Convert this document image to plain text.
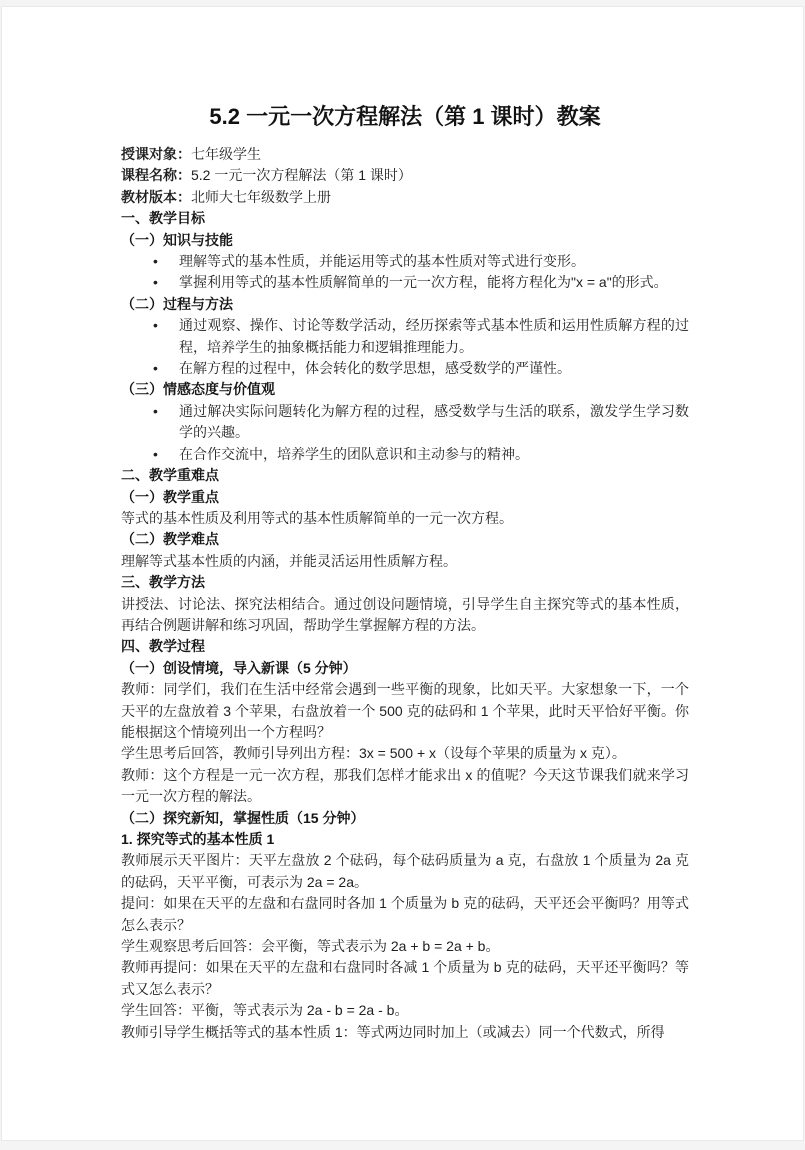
5.2 一元一次方程解法（第 1 课时）教案

授课对象：七年级学生

课程名称：5.2 一元一次方程解法（第 1 课时）

教材版本：北师大七年级数学上册

一、教学目标
（一）知识与技能
• 理解等式的基本性质，并能运用等式的基本性质对等式进行变形。
• 掌握利用等式的基本性质解简单的一元一次方程，能将方程化为"x = a"的形式。
（二）过程与方法
• 通过观察、操作、讨论等数学活动，经历探索等式基本性质和运用性质解方程的过程，培养学生的抽象概括能力和逻辑推理能力。
• 在解方程的过程中，体会转化的数学思想，感受数学的严谨性。
（三）情感态度与价值观
• 通过解决实际问题转化为解方程的过程，感受数学与生活的联系，激发学生学习数学的兴趣。
• 在合作交流中，培养学生的团队意识和主动参与的精神。
二、教学重难点
（一）教学重点

等式的基本性质及利用等式的基本性质解简单的一元一次方程。

（二）教学难点

理解等式基本性质的内涵，并能灵活运用性质解方程。

三、教学方法

讲授法、讨论法、探究法相结合。通过创设问题情境，引导学生自主探究等式的基本性质，再结合例题讲解和练习巩固，帮助学生掌握解方程的方法。

四、教学过程
（一）创设情境，导入新课（5 分钟）

教师：同学们，我们在生活中经常会遇到一些平衡的现象，比如天平。大家想象一下，一个天平的左盘放着 3 个苹果，右盘放着一个 500 克的砝码和 1 个苹果，此时天平恰好平衡。你能根据这个情境列出一个方程吗？

学生思考后回答，教师引导列出方程：3x = 500 + x（设每个苹果的质量为 x 克）。

教师：这个方程是一元一次方程，那我们怎样才能求出 x 的值呢？今天这节课我们就来学习一元一次方程的解法。

（二）探究新知，掌握性质（15 分钟）

1. 探究等式的基本性质 1

教师展示天平图片：天平左盘放 2 个砝码，每个砝码质量为 a 克，右盘放 1 个质量为 2a 克的砝码，天平平衡，可表示为 2a = 2a。

提问：如果在天平的左盘和右盘同时各加 1 个质量为 b 克的砝码，天平还会平衡吗？用等式怎么表示？

学生观察思考后回答：会平衡，等式表示为 2a + b = 2a + b。

教师再提问：如果在天平的左盘和右盘同时各减 1 个质量为 b 克的砝码，天平还平衡吗？等式又怎么表示？

学生回答：平衡，等式表示为 2a - b = 2a - b。

教师引导学生概括等式的基本性质 1：等式两边同时加上（或减去）同一个代数式，所得
